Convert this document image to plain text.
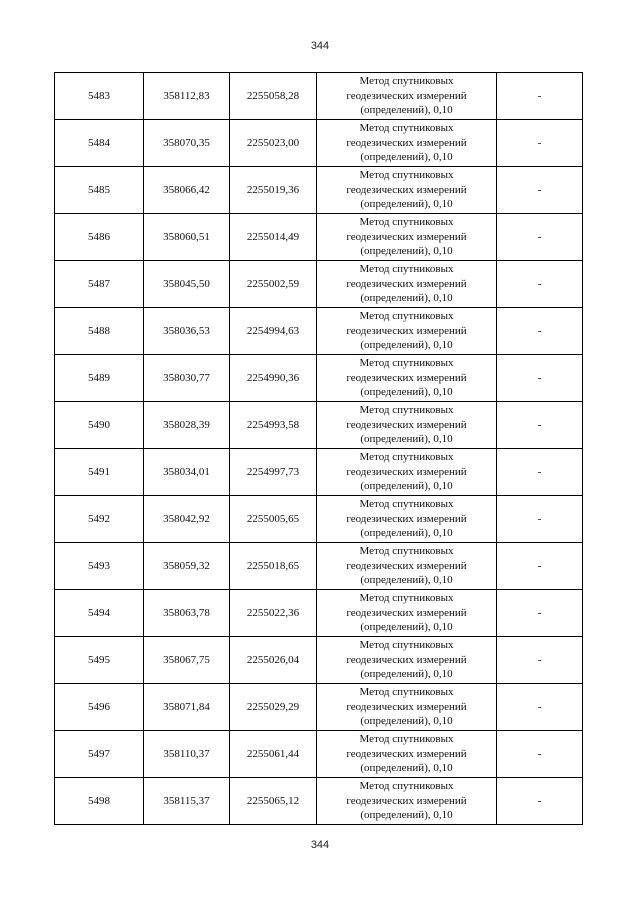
344
5483	358112,83	2255058,28	Метод спутниковых
геодезических измерений
(определений), 0,10	-
5484	358070,35	2255023,00	Метод спутниковых
геодезических измерений
(определений), 0,10	-
5485	358066,42	2255019,36	Метод спутниковых
геодезических измерений
(определений), 0,10	-
5486	358060,51	2255014,49	Метод спутниковых
геодезических измерений
(определений), 0,10	-
5487	358045,50	2255002,59	Метод спутниковых
геодезических измерений
(определений), 0,10	-
5488	358036,53	2254994,63	Метод спутниковых
геодезических измерений
(определений), 0,10	-
5489	358030,77	2254990,36	Метод спутниковых
геодезических измерений
(определений), 0,10	-
5490	358028,39	2254993,58	Метод спутниковых
геодезических измерений
(определений), 0,10	-
5491	358034,01	2254997,73	Метод спутниковых
геодезических измерений
(определений), 0,10	-
5492	358042,92	2255005,65	Метод спутниковых
геодезических измерений
(определений), 0,10	-
5493	358059,32	2255018,65	Метод спутниковых
геодезических измерений
(определений), 0,10	-
5494	358063,78	2255022,36	Метод спутниковых
геодезических измерений
(определений), 0,10	-
5495	358067,75	2255026,04	Метод спутниковых
геодезических измерений
(определений), 0,10	-
5496	358071,84	2255029,29	Метод спутниковых
геодезических измерений
(определений), 0,10	-
5497	358110,37	2255061,44	Метод спутниковых
геодезических измерений
(определений), 0,10	-
5498	358115,37	2255065,12	Метод спутниковых
геодезических измерений
(определений), 0,10	-
344
